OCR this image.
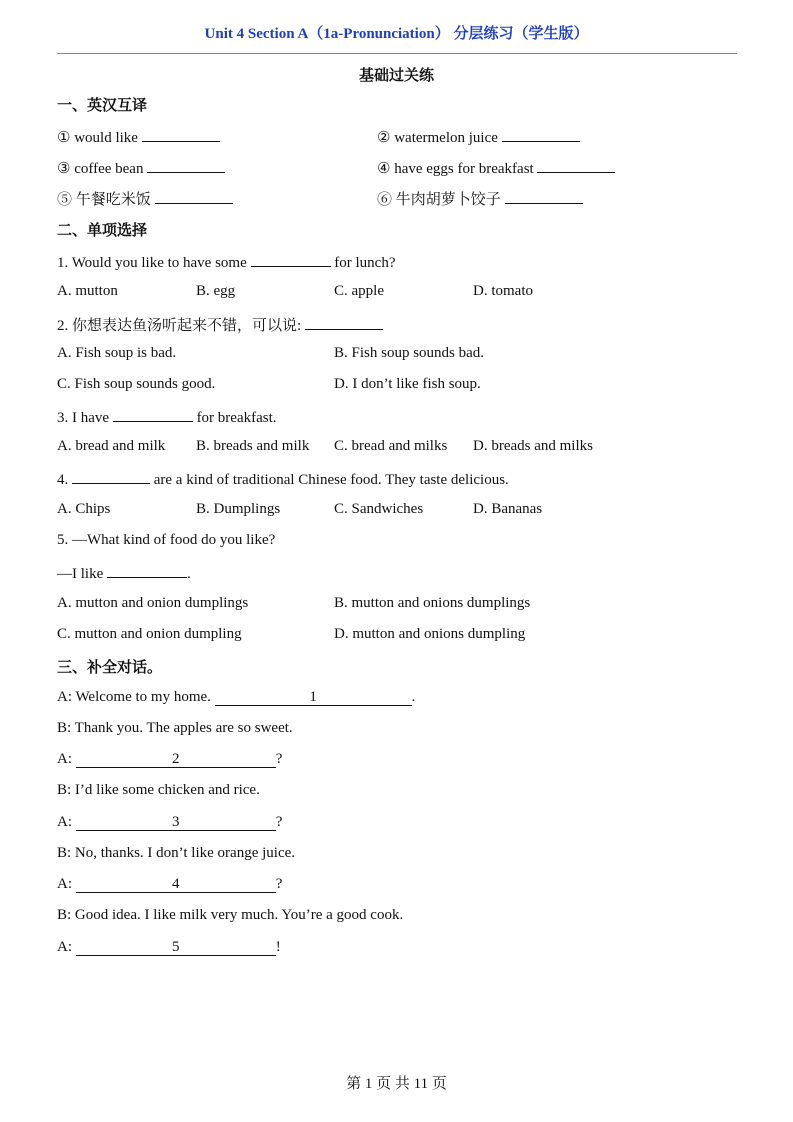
Unit 4 Section A（1a-Pronunciation） 分层练习（学生版）
基础过关练
一、英汉互译
① would like	② watermelon juice
③ coffee bean	④ have eggs for breakfast
⑤ 午餐吃米饭	⑥ 牛肉胡萝卜饺子
二、单项选择
1. Would you like to have some	for lunch?
A. mutton	B. egg	C. apple	D. tomato
2. 你想表达鱼汤听起来不错，可以说:
A. Fish soup is bad.	B. Fish soup sounds bad.
C. Fish soup sounds good.	D. I don’t like fish soup.
3. I have	for breakfast.
A. bread and milk B. breads and milk C. bread and milks D. breads and milks
4.	are a kind of traditional Chinese food. They taste delicious.
A. Chips	B. Dumplings	C. Sandwiches	D. Bananas
5. —What kind of food do you like?
—I like	.
A. mutton and onion dumplings	B. mutton and onions dumplings
C. mutton and onion dumpling	D. mutton and onions dumpling
三、补全对话。
A: Welcome to my home.	1	.
B: Thank you. The apples are so sweet.
A:	2	?
B: I’d like some chicken and rice.
A:	3	?
B: No, thanks. I don’t like orange juice.
A:	4	?
B: Good idea. I like milk very much. You’re a good cook.
A:	5	!
第 1 页 共 11 页
